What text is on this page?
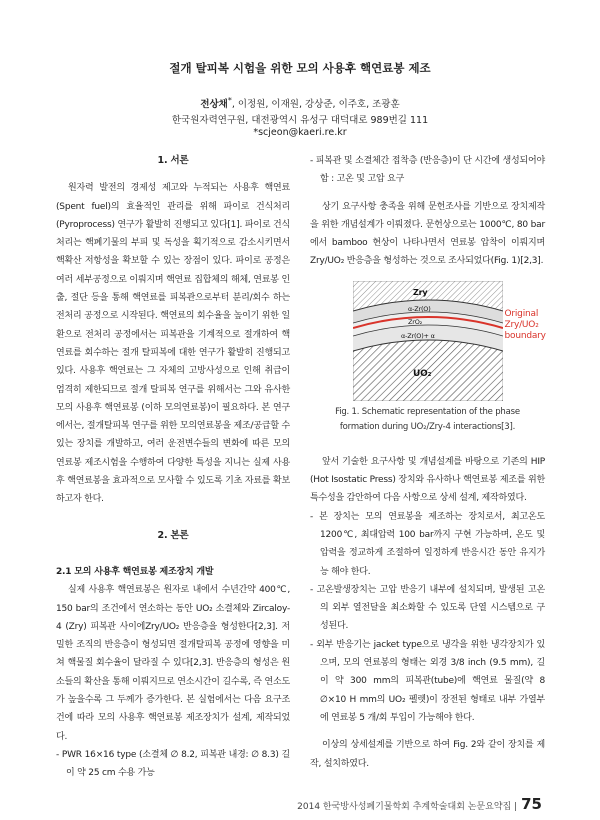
절개 탈피복 시험을 위한 모의 사용후 핵연료봉 제조
전상채*, 이정원, 이재원, 강상준, 이주호, 조광훈
한국원자력연구원, 대전광역시 유성구 대덕대로 989번길 111
*scjeon@kaeri.re.kr
1. 서론

원자력 발전의 경제성 제고와 누적되는 사용후 핵연료(Spent fuel)의 효율적인 관리를 위해 파이로 건식처리 (Pyroprocess) 연구가 활발히 진행되고 있다[1]. 파이로 건식 처리는 핵폐기물의 부피 및 독성을 획기적으로 감소시키면서 핵확산 저항성을 확보할 수 있는 장점이 있다. 파이로 공정은 여러 세부공정으로 이뤄지며 핵연료 집합체의 해체, 연료봉 인출, 절단 등을 통해 핵연료를 피복관으로부터 분리/회수 하는 전처리 공정으로 시작된다. 핵연료의 회수율을 높이기 위한 일환으로 전처리 공정에서는 피복관을 기계적으로 절개하여 핵연료를 회수하는 절개 탈피복에 대한 연구가 활발히 진행되고 있다. 사용후 핵연료는 그 자체의 고방사성으로 인해 취급이 엄격히 제한되므로 절개 탈피복 연구를 위해서는 그와 유사한 모의 사용후 핵연료봉 (이하 모의연료봉)이 필요하다. 본 연구에서는, 절개탈피복 연구를 위한 모의연료봉을 제조/공급할 수 있는 장치를 개발하고, 여러 운전변수들의 변화에 따른 모의 연료봉 제조시험을 수행하여 다양한 특성을 지니는 실제 사용 후 핵연료봉을 효과적으로 모사할 수 있도록 기초 자료를 확보하고자 한다.

2. 본론

2.1 모의 사용후 핵연료봉 제조장치 개발

실제 사용후 핵연료봉은 원자로 내에서 수년간약 400℃, 150 bar의 조건에서 연소하는 동안 UO₂ 소결체와 Zircaloy-4 (Zry) 피복관 사이에Zry/UO₂ 반응층을 형성한다[2,3]. 저밀한 조직의 반응층이 형성되면 절개탈피복 공정에 영향을 미쳐 핵물질 회수율이 달라질 수 있다[2,3]. 반응층의 형성은 원소들의 확산을 통해 이뤄지므로 연소시간이 길수록, 즉 연소도가 높을수록 그 두께가 증가한다. 본 실험에서는 다음 요구조건에 따라 모의 사용후 핵연료봉 제조장치가 설계, 제작되었다.

- PWR 16×16 type (소결체 ∅ 8.2, 피복관 내경: ∅ 8.3) 길이 약 25 cm 수용 가능

- 피복관 및 소결체간 접착층 (반응층)이 단 시간에 생성되어야 함 : 고온 및 고압 요구

상기 요구사항 충족을 위해 문헌조사를 기반으로 장치제작을 위한 개념설계가 이뤄졌다. 문헌상으로는 1000℃, 80 bar에서 bamboo 현상이 나타나면서 연료봉 압착이 이뤄지며 Zry/UO₂ 반응층을 형성하는 것으로 조사되었다(Fig. 1)[2,3].

Zry
α-Zr(O)
ZrO₂
α-Zr(O)+ α
UO₂
Original
Zry/UO₂
boundary

Fig. 1. Schematic representation of the phase
formation during UO₂/Zry-4 interactions[3].

앞서 기술한 요구사항 및 개념설계를 바탕으로 기존의 HIP (Hot Isostatic Press) 장치와 유사하나 핵연료봉 제조를 위한 특수성을 감안하여 다음 사항으로 상세 설계, 제작하였다.

- 본 장치는 모의 연료봉을 제조하는 장치로서, 최고온도 1200℃, 최대압력 100 bar까지 구현 가능하며, 온도 및 압력을 정교하게 조절하여 일정하게 반응시간 동안 유지가능 해야 한다.

- 고온발생장치는 고압 반응기 내부에 설치되며, 발생된 고온의 외부 열전달을 최소화할 수 있도록 단열 시스템으로 구성된다.

- 외부 반응기는 jacket type으로 냉각을 위한 냉각장치가 있으며, 모의 연료봉의 형태는 외경 3/8 inch (9.5 mm), 길이 약 300 mm의 피복관(tube)에 핵연료 물질(약 8 ∅×10 H mm의 UO₂ 펠렛)이 장전된 형태로 내부 가열부에 연료봉 5 개/회 투입이 가능해야 한다.

이상의 상세설계를 기반으로 하여 Fig. 2와 같이 장치를 제작, 설치하였다.

2014 한국방사성폐기물학회 추계학술대회 논문요약집 | 75
